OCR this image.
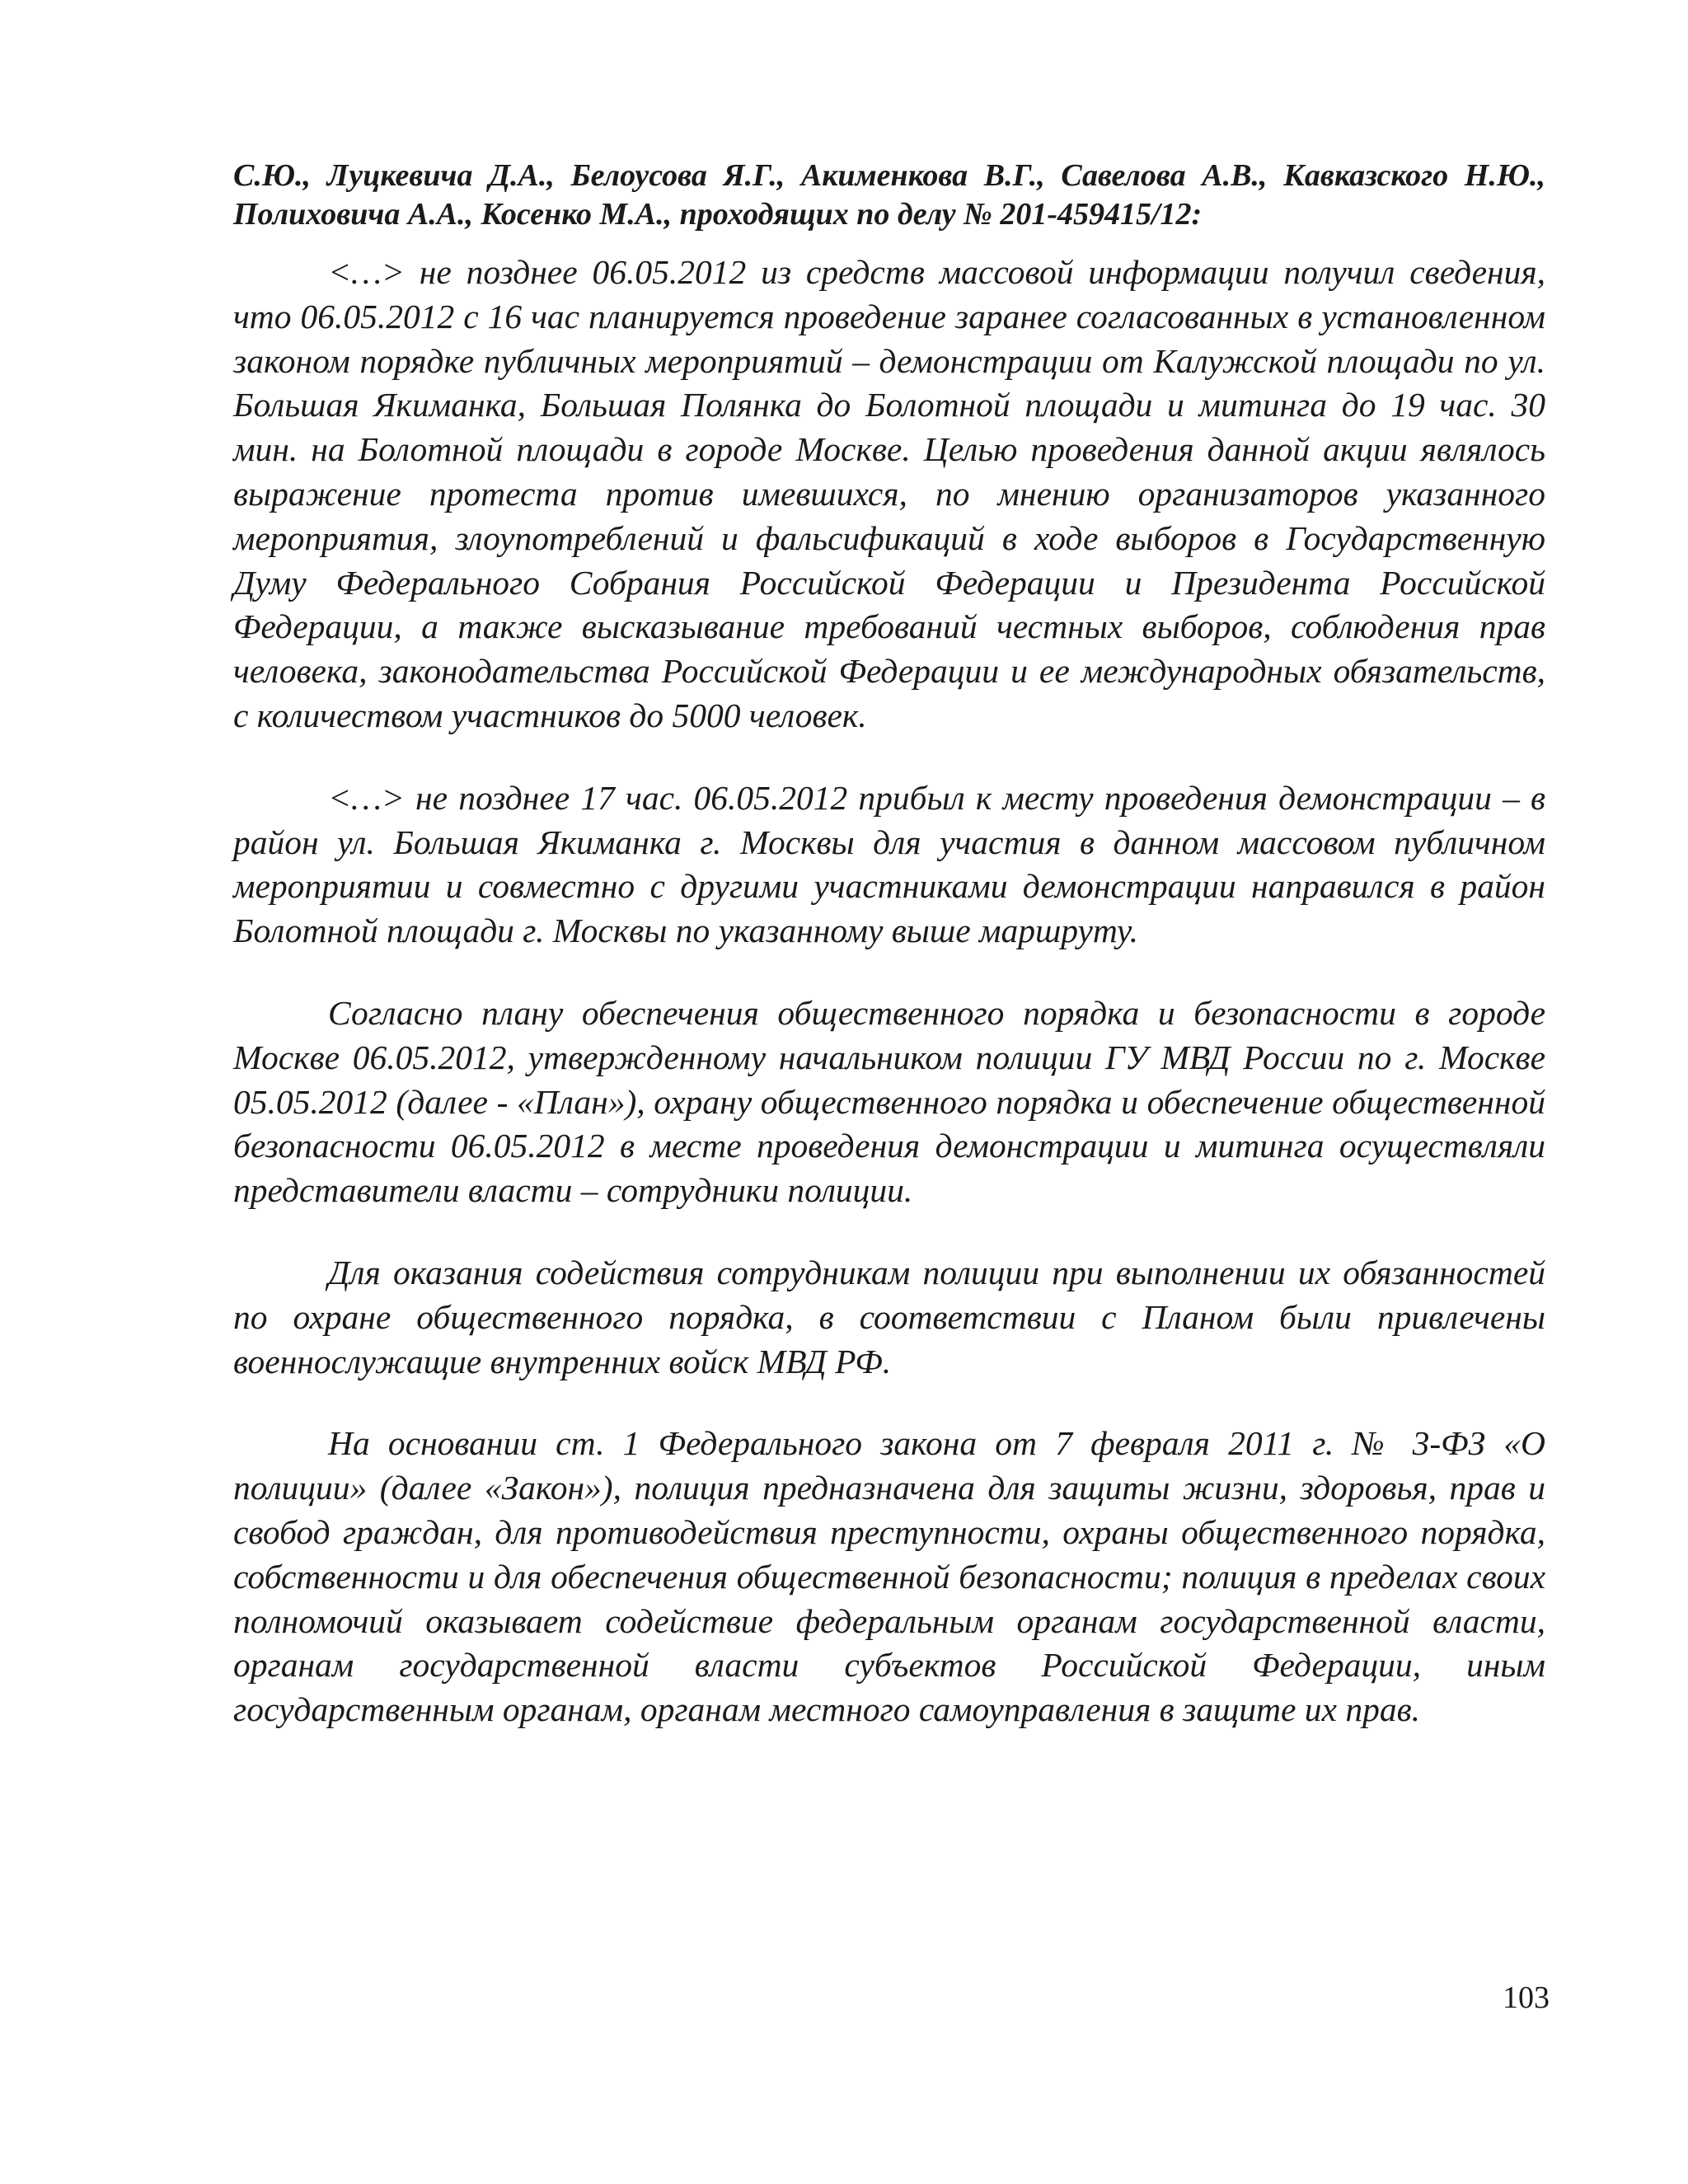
С.Ю., Луцкевича Д.А., Белоусова Я.Г., Акименкова В.Г., Савелова А.В., Кавказского Н.Ю., Полиховича А.А., Косенко М.А., проходящих по делу № 201-459415/12:

<…> не позднее 06.05.2012 из средств массовой информации получил сведения, что 06.05.2012 с 16 час планируется проведение заранее согласованных в установленном законом порядке публичных мероприятий – демонстрации от Калужской площади по ул. Большая Якиманка, Большая Полянка до Болотной площади и митинга до 19 час. 30 мин. на Болотной площади в городе Москве. Целью проведения данной акции являлось выражение протеста против имевшихся, по мнению организаторов указанного мероприятия, злоупотреблений и фальсификаций в ходе выборов в Государственную Думу Федерального Собрания Российской Федерации и Президента Российской Федерации, а также высказывание требований честных выборов, соблюдения прав человека, законодательства Российской Федерации и ее международных обязательств, с количеством участников до 5000 человек.

<…> не позднее 17 час. 06.05.2012 прибыл к месту проведения демонстрации – в район ул. Большая Якиманка г. Москвы для участия в данном массовом публичном мероприятии и совместно с другими участниками демонстрации направился в район Болотной площади г. Москвы по указанному выше маршруту.

Согласно плану обеспечения общественного порядка и безопасности в городе Москве 06.05.2012, утвержденному начальником полиции ГУ МВД России по г. Москве 05.05.2012 (далее - «План»), охрану общественного порядка и обеспечение общественной безопасности 06.05.2012 в месте проведения демонстрации и митинга осуществляли представители власти – сотрудники полиции.

Для оказания содействия сотрудникам полиции при выполнении их обязанностей по охране общественного порядка, в соответствии с Планом были привлечены военнослужащие внутренних войск МВД РФ.

На основании ст. 1 Федерального закона от 7 февраля 2011 г. № 3-ФЗ «О полиции» (далее «Закон»), полиция предназначена для защиты жизни, здоровья, прав и свобод граждан, для противодействия преступности, охраны общественного порядка, собственности и для обеспечения общественной безопасности; полиция в пределах своих полномочий оказывает содействие федеральным органам государственной власти, органам государственной власти субъектов Российской Федерации, иным государственным органам, органам местного самоуправления в защите их прав.

103
